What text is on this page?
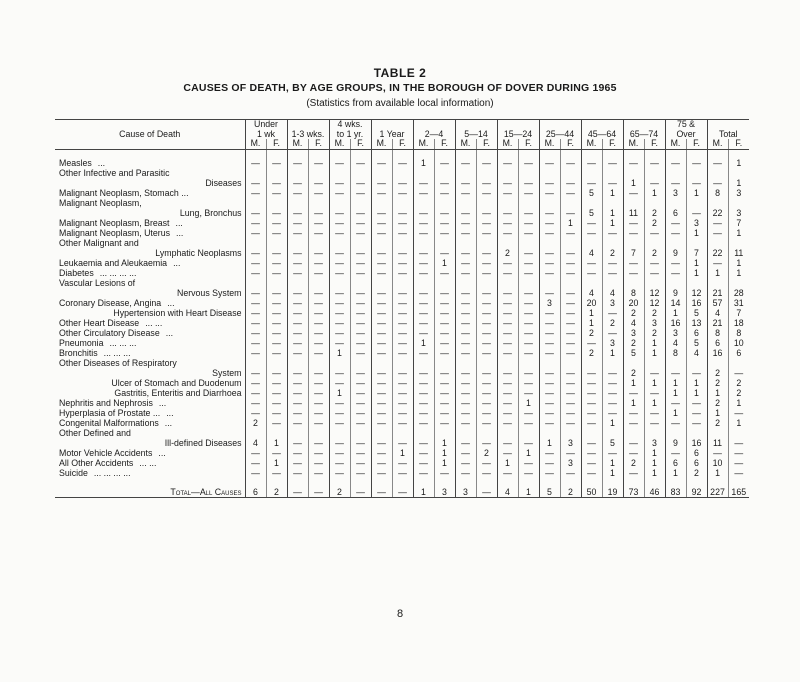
TABLE 2
CAUSES OF DEATH, BY AGE GROUPS, IN THE BOROUGH OF DOVER DURING 1965
(Statistics from available local information)
Cause of Death	Under				4 wks.																75 &			
	1 wk		1-3 wks.		to 1 yr.		1 Year		2—4		5—14		15—24		25—44		45—64		65—74		Over		Total	
	M.	F.	M.	F.	M.	F.	M.	F.	M.	F.	M.	F.	M.	F.	M.	F.	M.	F.	M.	F.	M.	F.	M.	F.
Measles ...	—	—	—	—	—	—	—	—	1	—	—	—	—	—	—	—	—	—	—	—	—	—	—	1
Other Infective and Parasitic																								
Diseases	—	—	—	—	—	—	—	—	—	—	—	—	—	—	—	—	—	—	1	—	—	—	—	1
Malignant Neoplasm, Stomach ...	—	—	—	—	—	—	—	—	—	—	—	—	—	—	—	—	5	1	—	1	3	1	8	3
Malignant Neoplasm,																								
Lung, Bronchus	—	—	—	—	—	—	—	—	—	—	—	—	—	—	—	—	5	1	11	2	6	—	22	3
Malignant Neoplasm, Breast ...	—	—	—	—	—	—	—	—	—	—	—	—	—	—	—	1	—	1	—	2	—	3	—	7
Malignant Neoplasm, Uterus ...	—	—	—	—	—	—	—	—	—	—	—	—	—	—	—	—	—	—	—	—	—	1	—	1
Other Malignant and																								
Lymphatic Neoplasms	—	—	—	—	—	—	—	—	—	—	—	—	2	—	—	—	4	2	7	2	9	7	22	11
Leukaemia and Aleukaemia ...	—	—	—	—	—	—	—	—	—	1	—	—	—	—	—	—	—	—	—	—	—	1	—	1
Diabetes ... ... ... ...	—	—	—	—	—	—	—	—	—	—	—	—	—	—	—	—	—	—	—	—	—	1	1	1
Vascular Lesions of																								
Nervous System	—	—	—	—	—	—	—	—	—	—	—	—	—	—	—	—	4	4	8	12	9	12	21	28
Coronary Disease, Angina ...	—	—	—	—	—	—	—	—	—	—	—	—	—	—	3	—	20	3	20	12	14	16	57	31
Hypertension with Heart Disease	—	—	—	—	—	—	—	—	—	—	—	—	—	—	—	—	1	—	2	2	1	5	4	7
Other Heart Disease ... ...	—	—	—	—	—	—	—	—	—	—	—	—	—	—	—	—	1	2	4	3	16	13	21	18
Other Circulatory Disease ...	—	—	—	—	—	—	—	—	—	—	—	—	—	—	—	—	2	—	3	2	3	6	8	8
Pneumonia ... ... ...	—	—	—	—	—	—	—	—	1	—	—	—	—	—	—	—	—	3	2	1	4	5	6	10
Bronchitis ... ... ...	—	—	—	—	1	—	—	—	—	—	—	—	—	—	—	—	2	1	5	1	8	4	16	6
Other Diseases of Respiratory																								
System	—	—	—	—	—	—	—	—	—	—	—	—	—	—	—	—	—	—	2	—	—	—	2	—
Ulcer of Stomach and Duodenum	—	—	—	—	—	—	—	—	—	—	—	—	—	—	—	—	—	—	1	1	1	1	2	2
Gastritis, Enteritis and Diarrhoea	—	—	—	—	1	—	—	—	—	—	—	—	—	—	—	—	—	—	—	—	1	1	1	2
Nephritis and Nephrosis ...	—	—	—	—	—	—	—	—	—	—	—	—	—	1	—	—	—	—	1	1	—	—	2	1
Hyperplasia of Prostate ... ...	—	—	—	—	—	—	—	—	—	—	—	—	—	—	—	—	—	—	—	—	1	—	1	—
Congenital Malformations ...	2	—	—	—	—	—	—	—	—	—	—	—	—	—	—	—	—	1	—	—	—	—	2	1
Other Defined and																								
Ill-defined Diseases	4	1	—	—	—	—	—	—	—	1	—	—	—	—	1	3	—	5	—	3	9	16	11	—
Motor Vehicle Accidents ...	—	—	—	—	—	—	—	1	—	1	—	2	—	1	—	—	—	—	—	1	—	6	—	—
All Other Accidents ... ...	—	1	—	—	—	—	—	—	—	1	—	—	1	—	—	3	—	1	2	1	6	6	10	—
Suicide ... ... ... ...	—	—	—	—	—	—	—	—	—	—	—	—	—	—	—	—	—	1	—	1	1	2	1	—
Total—All Causes	6	2	—	—	2	—	—	—	1	3	3	—	4	1	5	2	50	19	73	46	83	92	227	165
8
